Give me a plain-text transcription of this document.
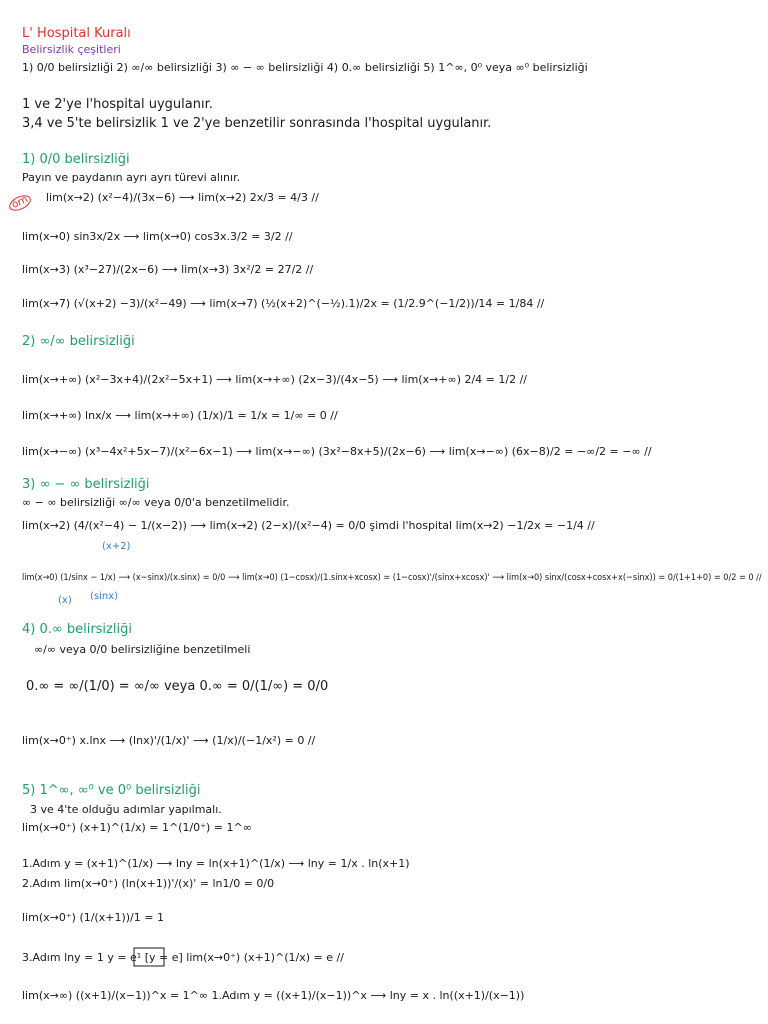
L' Hospital Kuralı
Belirsizlik çeşitleri
1) 0/0 belirsizliği 2) ∞/∞ belirsizliği 3) ∞ − ∞ belirsizliği 4) 0.∞ belirsizliği 5) 1^∞, 0⁰ veya ∞⁰ belirsizliği
1 ve 2'ye l'hospital uygulanır.
3,4 ve 5'te belirsizlik 1 ve 2'ye benzetilir sonrasında l'hospital uygulanır.
1) 0/0 belirsizliği
Payın ve paydanın ayrı ayrı türevi alınır.
örn lim(x→2) (x²−4)/(3x−6) ⟶ lim(x→2) 2x/3 = 4/3 //
lim(x→0) sin3x/2x ⟶ lim(x→0) cos3x.3/2 = 3/2 //
lim(x→3) (x³−27)/(2x−6) ⟶ lim(x→3) 3x²/2 = 27/2 //
lim(x→7) (√(x+2) −3)/(x²−49) ⟶ lim(x→7) (½(x+2)^(−½).1)/2x = (1/2.9^(−1/2))/14 = 1/84 //
2) ∞/∞ belirsizliği
lim(x→+∞) (x²−3x+4)/(2x²−5x+1) ⟶ lim(x→+∞) (2x−3)/(4x−5) ⟶ lim(x→+∞) 2/4 = 1/2 //
lim(x→+∞) lnx/x ⟶ lim(x→+∞) (1/x)/1 = 1/x = 1/∞ = 0 //
lim(x→−∞) (x³−4x²+5x−7)/(x²−6x−1) ⟶ lim(x→−∞) (3x²−8x+5)/(2x−6) ⟶ lim(x→−∞) (6x−8)/2 = −∞/2 = −∞ //
3) ∞ − ∞ belirsizliği
∞ − ∞ belirsizliği ∞/∞ veya 0/0'a benzetilmelidir.
lim(x→2) (4/(x²−4) − 1/(x−2)) ⟶ lim(x→2) (2−x)/(x²−4) = 0/0 şimdi l'hospital lim(x→2) −1/2x = −1/4 //
(x+2)
lim(x→0) (1/sinx − 1/x) ⟶ (x−sinx)/(x.sinx) = 0/0 ⟶ lim(x→0) (1−cosx)/(1.sinx+xcosx) = (1−cosx)'/(sinx+xcosx)' ⟶ lim(x→0) sinx/(cosx+cosx+x(−sinx)) = 0/(1+1+0) = 0/2 = 0 //
(x) (sinx)
4) 0.∞ belirsizliği
∞/∞ veya 0/0 belirsizliğine benzetilmeli
0.∞ = ∞/(1/0) = ∞/∞ veya 0.∞ = 0/(1/∞) = 0/0
lim(x→0⁺) x.lnx ⟶ (lnx)'/(1/x)' ⟶ (1/x)/(−1/x²) = 0 //
5) 1^∞, ∞⁰ ve 0⁰ belirsizliği
3 ve 4'te olduğu adımlar yapılmalı.
lim(x→0⁺) (x+1)^(1/x) = 1^(1/0⁺) = 1^∞
1.Adım y = (x+1)^(1/x) ⟶ lny = ln(x+1)^(1/x) ⟶ lny = 1/x . ln(x+1)
2.Adım lim(x→0⁺) (ln(x+1))'/(x)' = ln1/0 = 0/0
lim(x→0⁺) (1/(x+1))/1 = 1
3.Adım lny = 1 y = e¹ [y = e] lim(x→0⁺) (x+1)^(1/x) = e //
lim(x→∞) ((x+1)/(x−1))^x = 1^∞ 1.Adım y = ((x+1)/(x−1))^x ⟶ lny = x . ln((x+1)/(x−1))
